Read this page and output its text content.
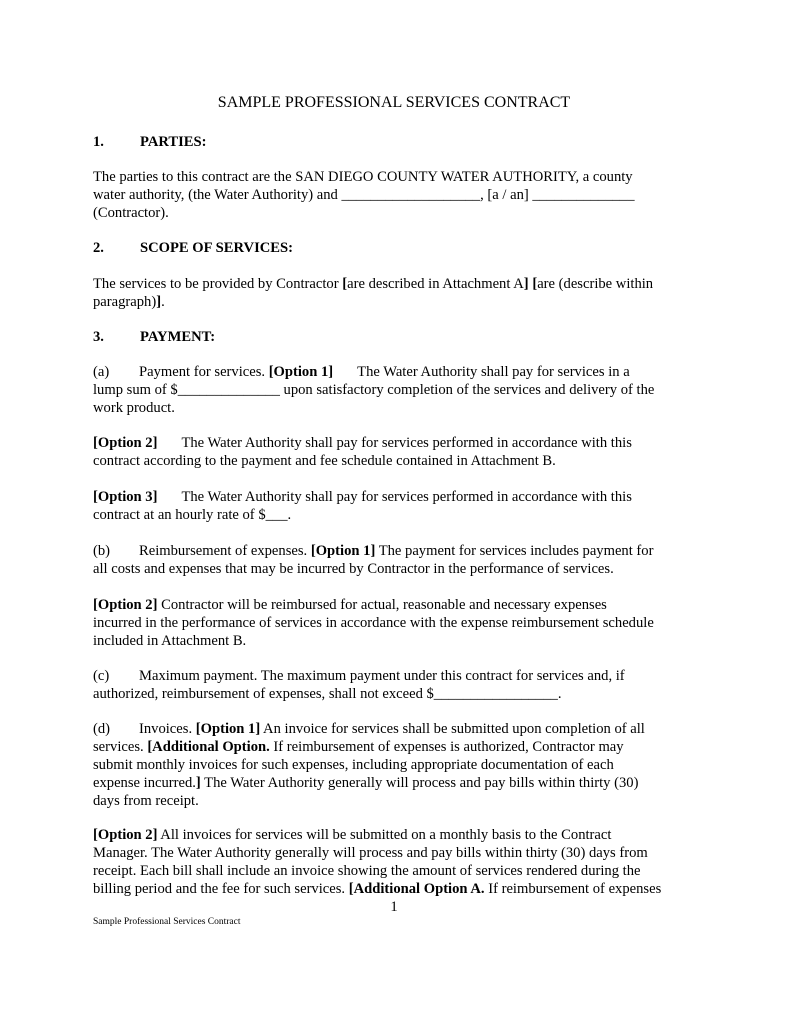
SAMPLE PROFESSIONAL SERVICES CONTRACT
1. PARTIES:
The parties to this contract are the SAN DIEGO COUNTY WATER AUTHORITY, a county
water authority, (the Water Authority) and ___________________, [a / an] ______________
(Contractor).
2. SCOPE OF SERVICES:
The services to be provided by Contractor [are described in Attachment A] [are (describe within
paragraph)].
3. PAYMENT:
(a) Payment for services. [Option 1] The Water Authority shall pay for services in a
lump sum of $______________ upon satisfactory completion of the services and delivery of the
work product.
[Option 2] The Water Authority shall pay for services performed in accordance with this
contract according to the payment and fee schedule contained in Attachment B.
[Option 3] The Water Authority shall pay for services performed in accordance with this
contract at an hourly rate of $___.
(b) Reimbursement of expenses. [Option 1] The payment for services includes payment for
all costs and expenses that may be incurred by Contractor in the performance of services.
[Option 2] Contractor will be reimbursed for actual, reasonable and necessary expenses
incurred in the performance of services in accordance with the expense reimbursement schedule
included in Attachment B.
(c) Maximum payment. The maximum payment under this contract for services and, if
authorized, reimbursement of expenses, shall not exceed $_________________.
(d) Invoices. [Option 1] An invoice for services shall be submitted upon completion of all
services. [Additional Option. If reimbursement of expenses is authorized, Contractor may
submit monthly invoices for such expenses, including appropriate documentation of each
expense incurred.] The Water Authority generally will process and pay bills within thirty (30)
days from receipt.
[Option 2] All invoices for services will be submitted on a monthly basis to the Contract
Manager. The Water Authority generally will process and pay bills within thirty (30) days from
receipt. Each bill shall include an invoice showing the amount of services rendered during the
billing period and the fee for such services. [Additional Option A. If reimbursement of expenses
1
Sample Professional Services Contract
